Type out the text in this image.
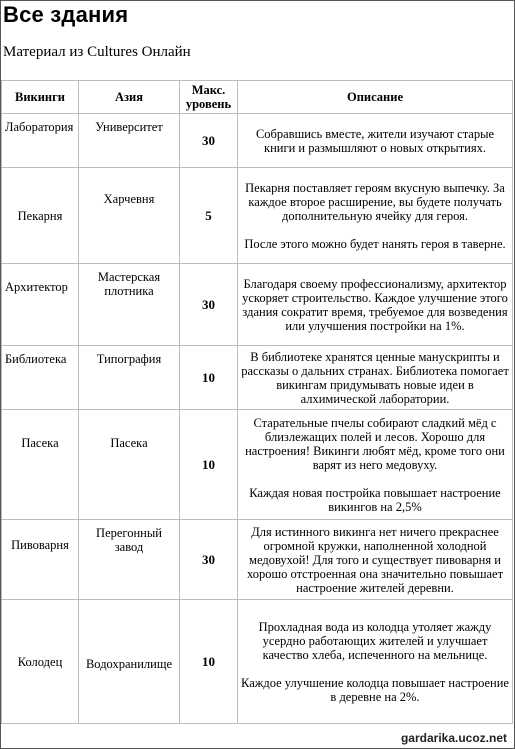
Все здания
Материал из Cultures Онлайн
Викинги	Азия	Макс. уровень	Описание
Лаборатория	Университет	30	Собравшись вместе, жители изучают старые книги и размышляют о новых открытиях.

Пекарня	Харчевня	5	Пекарня поставляет героям вкусную выпечку. За каждое второе расширение, вы будете получать дополнительную ячейку для героя.

После этого можно будет нанять героя в таверне.

Архитектор	Мастерская плотника	30	Благодаря своему профессионализму, архитектор ускоряет строительство. Каждое улучшение этого здания сократит время, требуемое для возведения или улучшения постройки на 1%.

Библиотека	Типография	10	В библиотеке хранятся ценные манускрипты и рассказы о дальних странах. Библиотека помогает викингам придумывать новые идеи в алхимической лаборатории.

Пасека	Пасека	10	Старательные пчелы собирают сладкий мёд с близлежащих полей и лесов. Хорошо для настроения! Викинги любят мёд, кроме того они варят из него медовуху.

Каждая новая постройка повышает настроение викингов на 2,5%

Пивоварня	Перегонный завод	30	Для истинного викинга нет ничего прекраснее огромной кружки, наполненной холодной медовухой! Для того и существует пивоварня и хорошо отстроенная она значительно повышает настроение жителей деревни.

Колодец	Водохранилище	10	Прохладная вода из колодца утоляет жажду усердно работающих жителей и улучшает качество хлеба, испеченного на мельнице.

Каждое улучшение колодца повышает настроение в деревне на 2%.

gardarika.ucoz.net
